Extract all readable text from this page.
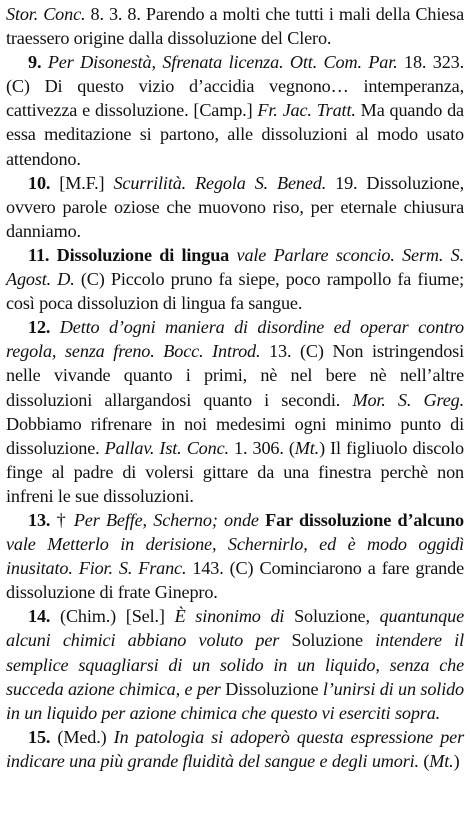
Stor. Conc. 8. 3. 8. Parendo a molti che tutti i mali della Chiesa traessero origine dalla dissoluzione del Clero.

9. Per Disonestà, Sfrenata licenza. Ott. Com. Par. 18. 323. (C) Di questo vizio d’accidia vegnono… intemperanza, cattivezza e dissoluzione. [Camp.] Fr. Jac. Tratt. Ma quando da essa meditazione si partono, alle dissoluzioni al modo usato attendono.

10. [M.F.] Scurrilità. Regola S. Bened. 19. Dissoluzione, ovvero parole oziose che muovono riso, per eternale chiusura danniamo.

11. Dissoluzione di lingua vale Parlare sconcio. Serm. S. Agost. D. (C) Piccolo pruno fa siepe, poco rampollo fa fiume; così poca dissoluzion di lingua fa sangue.

12. Detto d’ogni maniera di disordine ed operar contro regola, senza freno. Bocc. Introd. 13. (C) Non istringendosi nelle vivande quanto i primi, nè nel bere nè nell’altre dissoluzioni allargandosi quanto i secondi. Mor. S. Greg. Dobbiamo rifrenare in noi medesimi ogni minimo punto di dissoluzione. Pallav. Ist. Conc. 1. 306. (Mt.) Il figliuolo discolo finge al padre di volersi gittare da una finestra perchè non infreni le sue dissoluzioni.

13. † Per Beffe, Scherno; onde Far dissoluzione d’alcuno vale Metterlo in derisione, Schernirlo, ed è modo oggidì inusitato. Fior. S. Franc. 143. (C) Cominciarono a fare grande dissoluzione di frate Ginepro.

14. (Chim.) [Sel.] È sinonimo di Soluzione, quantunque alcuni chimici abbiano voluto per Soluzione intendere il semplice squagliarsi di un solido in un liquido, senza che succeda azione chimica, e per Dissoluzione l’unirsi di un solido in un liquido per azione chimica che questo vi eserciti sopra.

15. (Med.) In patologia si adoperò questa espressione per indicare una più grande fluidità del sangue e degli umori. (Mt.)
